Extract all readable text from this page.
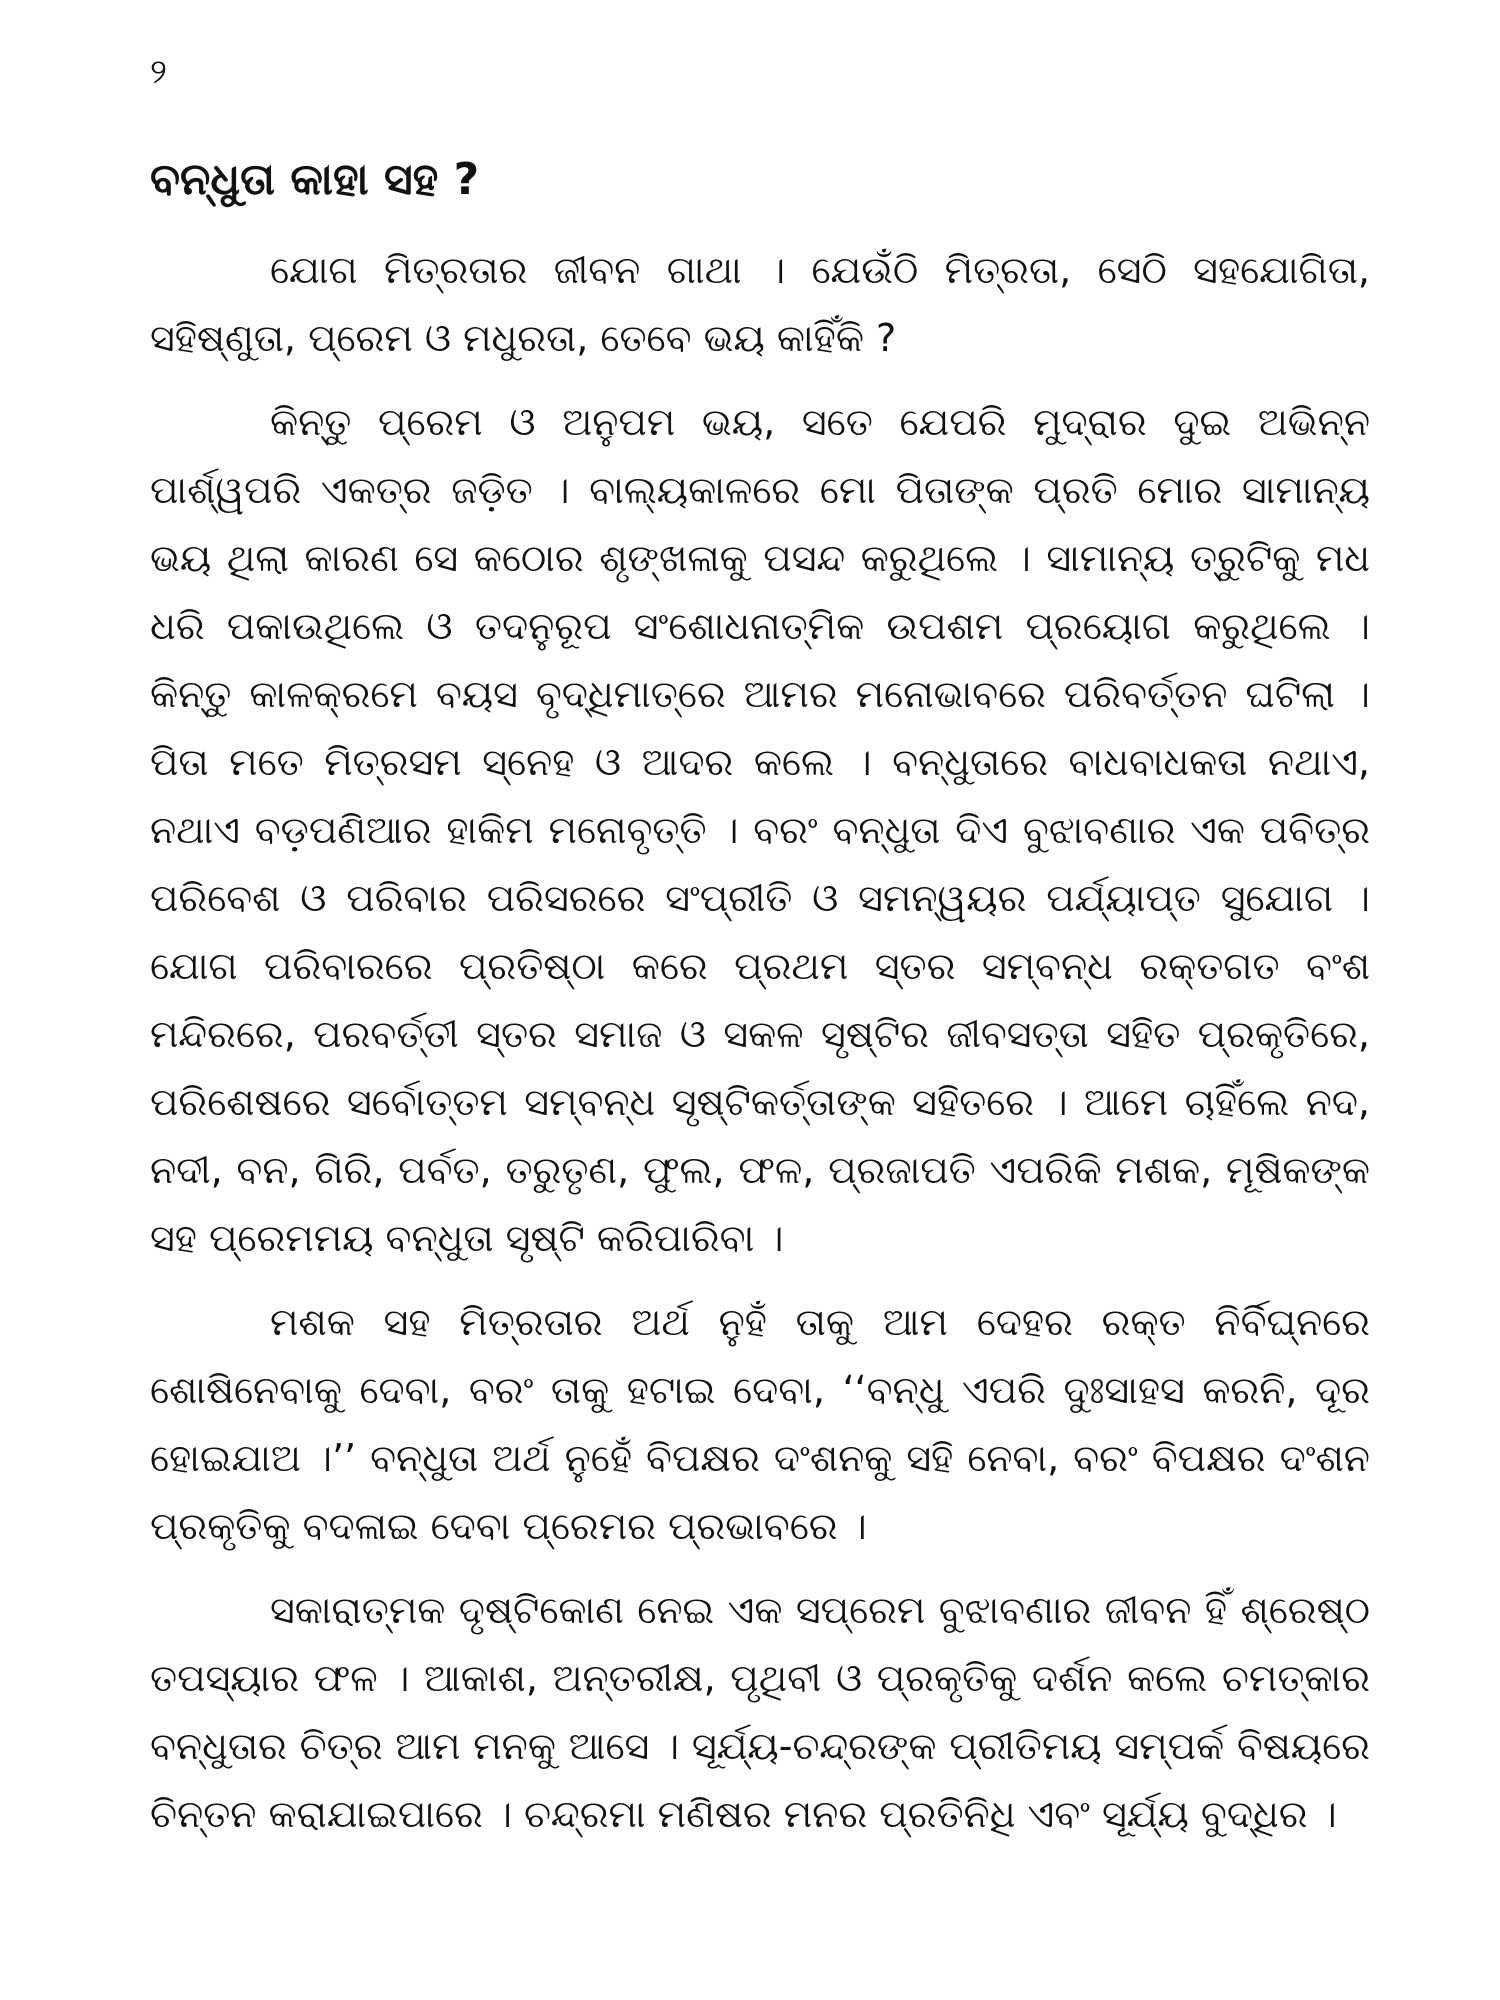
୨
ବନ୍ଧୁତା କାହା ସହ ?

ଯୋଗ ମିତ୍ରତାର ଜୀବନ ଗାଥା । ଯେଉଁଠି ମିତ୍ରତା, ସେଠି ସହଯୋଗିତା, ସହିଷ୍ଣୁତା, ପ୍ରେମ ଓ ମଧୁରତା, ତେବେ ଭୟ କାହିଁକି ?

କିନ୍ତୁ ପ୍ରେମ ଓ ଅନୁପମ ଭୟ, ସତେ ଯେପରି ମୁଦ୍ରାର ଦୁଇ ଅଭିନ୍ନ ପାର୍ଶ୍ୱପରି ଏକତ୍ର ଜଡ଼ିତ । ବାଲ୍ୟକାଳରେ ମୋ ପିତାଙ୍କ ପ୍ରତି ମୋର ସାମାନ୍ୟ ଭୟ ଥିଲା କାରଣ ସେ କଠୋର ଶୃଙ୍ଖଳାକୁ ପସନ୍ଦ କରୁଥିଲେ । ସାମାନ୍ୟ ତ୍ରୁଟିକୁ ମଧ ଧରି ପକାଉଥିଲେ ଓ ତଦନୁରୂପ ସଂଶୋଧନାତ୍ମିକ ଉପଶମ ପ୍ରୟୋଗ କରୁଥିଲେ । କିନ୍ତୁ କାଳକ୍ରମେ ବୟସ ବୃଦ୍ଧିମାତ୍ରେ ଆମର ମନୋଭାବରେ ପରିବର୍ତ୍ତନ ଘଟିଲା । ପିତା ମତେ ମିତ୍ରସମ ସ୍ନେହ ଓ ଆଦର କଲେ । ବନ୍ଧୁତାରେ ବାଧବାଧକତା ନଥାଏ, ନଥାଏ ବଡ଼ପଣିଆର ହାକିମ ମନୋବୃତ୍ତି । ବରଂ ବନ୍ଧୁତା ଦିଏ ବୁଝାବଣାର ଏକ ପବିତ୍ର ପରିବେଶ ଓ ପରିବାର ପରିସରରେ ସଂପ୍ରୀତି ଓ ସମନ୍ୱୟର ପର୍ଯ୍ୟାପ୍ତ ସୁଯୋଗ । ଯୋଗ ପରିବାରରେ ପ୍ରତିଷ୍ଠା କରେ ପ୍ରଥମ ସ୍ତର ସମ୍ବନ୍ଧ ରକ୍ତଗତ ବଂଶ ମନ୍ଦିରରେ, ପରବର୍ତ୍ତୀ ସ୍ତର ସମାଜ ଓ ସକଳ ସୃଷ୍ଟିର ଜୀବସତ୍ତା ସହିତ ପ୍ରକୃତିରେ, ପରିଶେଷରେ ସର୍ବୋତ୍ତମ ସମ୍ବନ୍ଧ ସୃଷ୍ଟିକର୍ତ୍ତାଙ୍କ ସହିତରେ । ଆମେ ଚାହିଁଲେ ନଦ, ନଦୀ, ବନ, ଗିରି, ପର୍ବତ, ତରୁତୃଣ, ଫୁଲ, ଫଳ, ପ୍ରଜାପତି ଏପରିକି ମଶକ, ମୂଷିକଙ୍କ ସହ ପ୍ରେମମୟ ବନ୍ଧୁତା ସୃଷ୍ଟି କରିପାରିବା ।

ମଶକ ସହ ମିତ୍ରତାର ଅର୍ଥ ନୁହଁ ତାକୁ ଆମ ଦେହର ରକ୍ତ ନିର୍ବିଘ୍ନରେ ଶୋଷିନେବାକୁ ଦେବା, ବରଂ ତାକୁ ହଟାଇ ଦେବା, ‘‘ବନ୍ଧୁ ଏପରି ଦୁଃସାହସ କରନି, ଦୂର ହୋଇଯାଅ ।’’ ବନ୍ଧୁତା ଅର୍ଥ ନୁହେଁ ବିପକ୍ଷର ଦଂଶନକୁ ସହି ନେବା, ବରଂ ବିପକ୍ଷର ଦଂଶନ ପ୍ରକୃତିକୁ ବଦଳାଇ ଦେବା ପ୍ରେମର ପ୍ରଭାବରେ ।

ସକାରାତ୍ମକ ଦୃଷ୍ଟିକୋଣ ନେଇ ଏକ ସପ୍ରେମ ବୁଝାବଣାର ଜୀବନ ହିଁ ଶ୍ରେଷ୍ଠ ତପସ୍ୟାର ଫଳ । ଆକାଶ, ଅନ୍ତରୀକ୍ଷ, ପୃଥିବୀ ଓ ପ୍ରକୃତିକୁ ଦର୍ଶନ କଲେ ଚମତ୍କାର ବନ୍ଧୁତାର ଚିତ୍ର ଆମ ମନକୁ ଆସେ । ସୂର୍ଯ୍ୟ-ଚନ୍ଦ୍ରଙ୍କ ପ୍ରୀତିମୟ ସମ୍ପର୍କ ବିଷୟରେ ଚିନ୍ତନ କରାଯାଇପାରେ । ଚନ୍ଦ୍ରମା ମଣିଷର ମନର ପ୍ରତିନିଧି ଏବଂ ସୂର୍ଯ୍ୟ ବୁଦ୍ଧିର ।
